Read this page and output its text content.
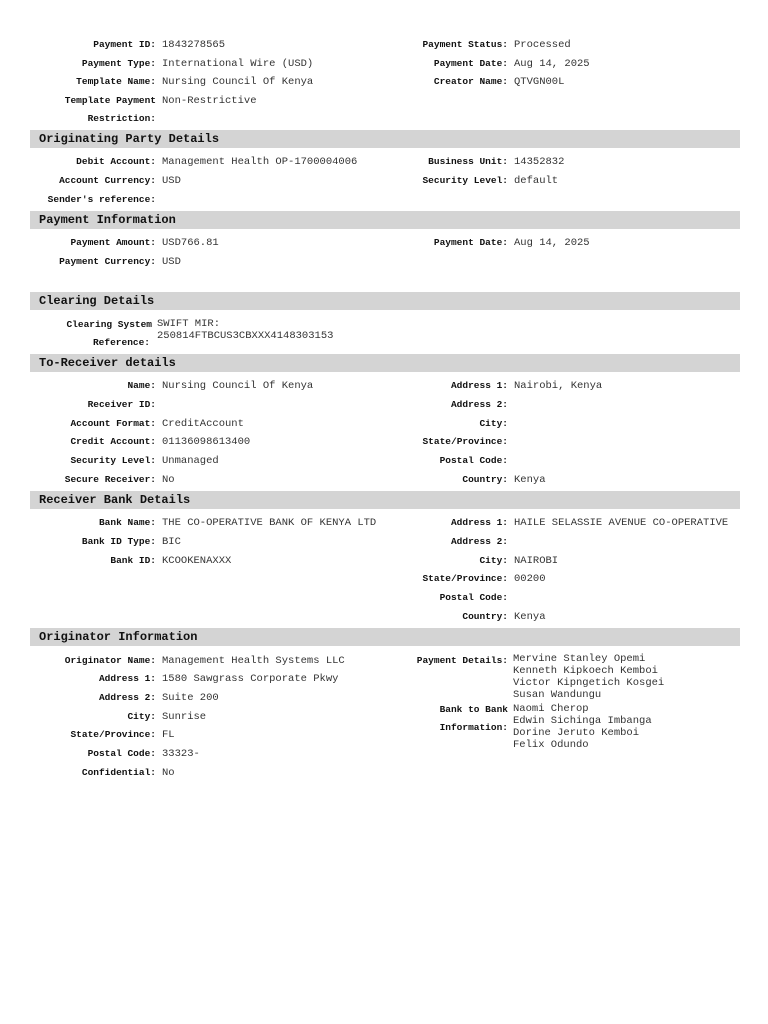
Payment ID: 1843278565
Payment Type: International Wire (USD)
Template Name: Nursing Council Of Kenya
Template Payment
Restriction:
Non-Restrictive
Payment Status: Processed
Payment Date: Aug 14, 2025
Creator Name: QTVGN00L
Originating Party Details
Debit Account: Management Health OP-1700004006
Account Currency: USD
Sender's reference:
Business Unit: 14352832
Security Level: default
Payment Information
Payment Amount: USD766.81
Payment Currency: USD
Payment Date: Aug 14, 2025
Clearing Details
Clearing System
Reference:
SWIFT MIR:
250814FTBCUS3CBXXX4148303153
To-Receiver details
Name: Nursing Council Of Kenya
Receiver ID:
Account Format: CreditAccount
Credit Account: 01136098613400
Security Level: Unmanaged
Secure Receiver: No
Address 1: Nairobi, Kenya
Address 2:
City:
State/Province:
Postal Code:
Country: Kenya
Receiver Bank Details
Bank Name: THE CO-OPERATIVE BANK OF KENYA LTD
Bank ID Type: BIC
Bank ID: KCOOKENAXXX
Address 1: HAILE SELASSIE AVENUE CO-OPERATIVE
Address 2:
City: NAIROBI
State/Province: 00200
Postal Code:
Country: Kenya
Originator Information
Originator Name: Management Health Systems LLC
Address 1: 1580 Sawgrass Corporate Pkwy
Address 2: Suite 200
City: Sunrise
State/Province: FL
Postal Code: 33323-
Confidential: No
Payment Details: Mervine Stanley Opemi
Kenneth Kipkoech Kemboi
Victor Kipngetich Kosgei
Susan Wandungu
Bank to Bank
Information:
Naomi Cherop
Edwin Sichinga Imbanga
Dorine Jeruto Kemboi
Felix Odundo
